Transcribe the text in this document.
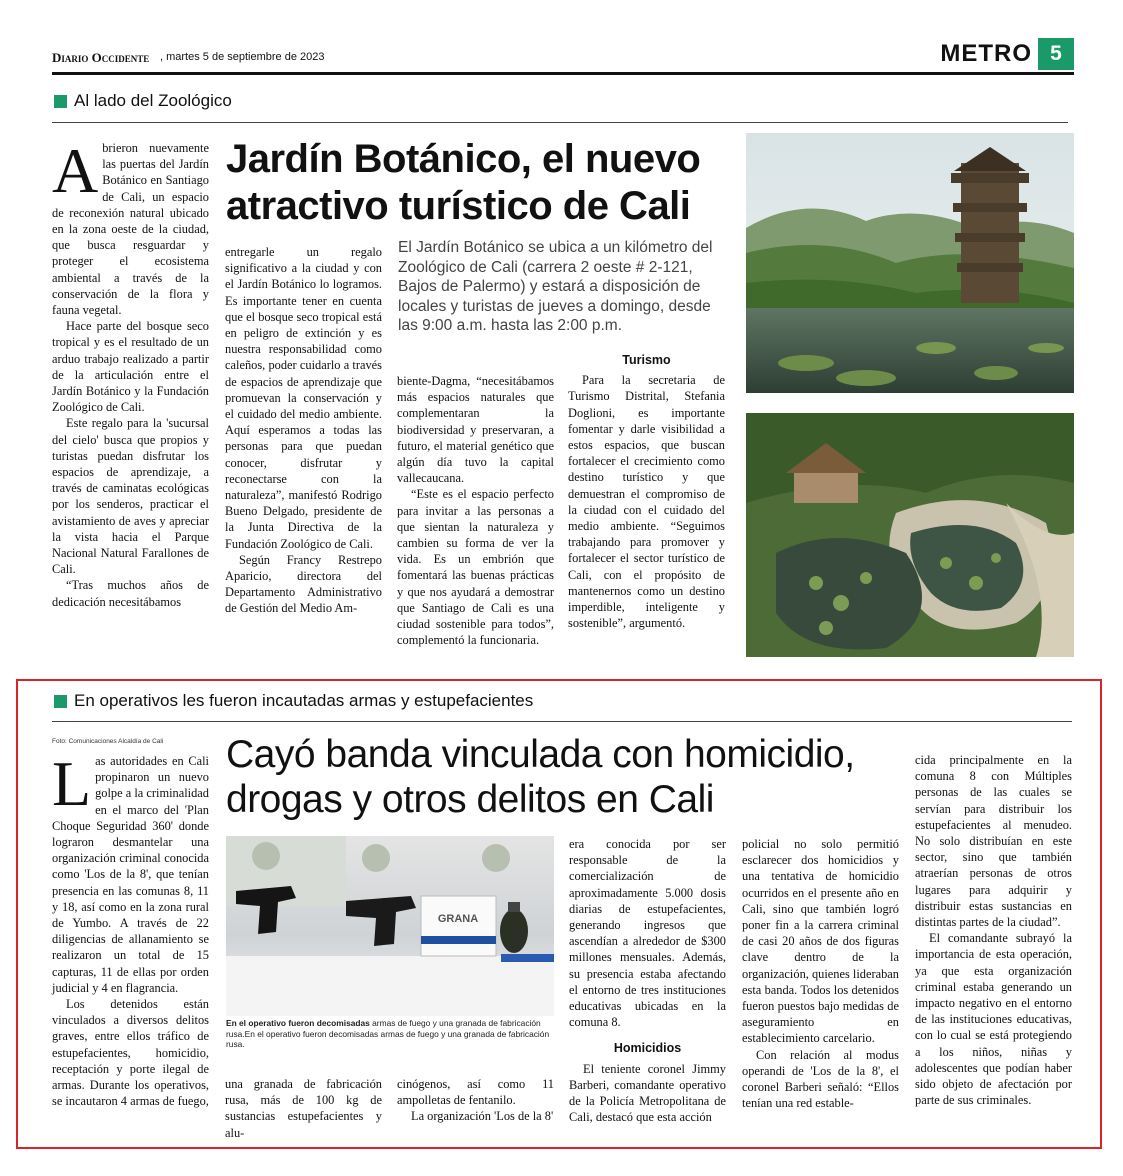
Diario Occidente , martes 5 de septiembre de 2023	METRO 5
Al lado del Zoológico
A brieron nuevamente las puertas del Jardín Botánico en Santiago de Cali, un espacio de reconexión natural ubicado en la zona oeste de la ciudad, que busca resguardar y proteger el ecosistema ambiental a través de la conservación de la flora y fauna vegetal.

Hace parte del bosque seco tropical y es el resultado de un arduo trabajo realizado a partir de la articulación entre el Jardín Botánico y la Fundación Zoológico de Cali.

Este regalo para la 'sucursal del cielo' busca que propios y turistas puedan disfrutar los espacios de aprendizaje, a través de caminatas ecológicas por los senderos, practicar el avistamiento de aves y apreciar la vista hacia el Parque Nacional Natural Farallones de Cali.

“Tras muchos años de dedicación necesitábamos

Jardín Botánico, el nuevo atractivo turístico de Cali
El Jardín Botánico se ubica a un kilómetro del Zoológico de Cali (carrera 2 oeste # 2-121, Bajos de Palermo) y estará a disposición de locales y turistas de jueves a domingo, desde las 9:00 a.m. hasta las 2:00 p.m.

entregarle un regalo significativo a la ciudad y con el Jardín Botánico lo logramos. Es importante tener en cuenta que el bosque seco tropical está en peligro de extinción y es nuestra responsabilidad como caleños, poder cuidarlo a través de espacios de aprendizaje que promuevan la conservación y el cuidado del medio ambiente. Aquí esperamos a todas las personas para que puedan conocer, disfrutar y reconectarse con la naturaleza”, manifestó Rodrigo Bueno Delgado, presidente de la Junta Directiva de la Fundación Zoológico de Cali.

Según Francy Restrepo Aparicio, directora del Departamento Administrativo de Gestión del Medio Am-

biente-Dagma, “necesitábamos más espacios naturales que complementaran la biodiversidad y preservaran, a futuro, el material genético que algún día tuvo la capital vallecaucana.

“Este es el espacio perfecto para invitar a las personas a que sientan la naturaleza y cambien su forma de ver la vida. Es un embrión que fomentará las buenas prácticas y que nos ayudará a demostrar que Santiago de Cali es una ciudad sostenible para todos”, complementó la funcionaria.

Turismo

Para la secretaria de Turismo Distrital, Stefania Doglioni, es importante fomentar y darle visibilidad a estos espacios, que buscan fortalecer el crecimiento como destino turístico y que demuestran el compromiso de la ciudad con el cuidado del medio ambiente. “Seguimos trabajando para promover y fortalecer el sector turístico de Cali, con el propósito de mantenernos como un destino imperdible, inteligente y sostenible”, argumentó.

En operativos les fueron incautadas armas y estupefacientes
Foto: Comunicaciones Alcaldía de Cali
L as autoridades en Cali propinaron un nuevo golpe a la criminalidad en el marco del 'Plan Choque Seguridad 360' donde lograron desmantelar una organización criminal conocida como 'Los de la 8', que tenían presencia en las comunas 8, 11 y 18, así como en la zona rural de Yumbo. A través de 22 diligencias de allanamiento se realizaron un total de 15 capturas, 11 de ellas por orden judicial y 4 en flagrancia.

Los detenidos están vinculados a diversos delitos graves, entre ellos tráfico de estupefacientes, homicidio, receptación y porte ilegal de armas. Durante los operativos, se incautaron 4 armas de fuego,

Cayó banda vinculada con homicidio, drogas y otros delitos en Cali
GRANA
En el operativo fueron decomisadas armas de fuego y una granada de fabricación rusa.En el operativo fueron decomisadas armas de fuego y una granada de fabricación rusa.

una granada de fabricación rusa, más de 100 kg de sustancias estupefacientes y alu-

cinógenos, así como 11 ampolletas de fentanilo.

La organización 'Los de la 8'

era conocida por ser responsable de la comercialización de aproximadamente 5.000 dosis diarias de estupefacientes, generando ingresos que ascendían a alrededor de $300 millones mensuales. Además, su presencia estaba afectando el entorno de tres instituciones educativas ubicadas en la comuna 8.

Homicidios

El teniente coronel Jimmy Barberi, comandante operativo de la Policía Metropolitana de Cali, destacó que esta acción

policial no solo permitió esclarecer dos homicidios y una tentativa de homicidio ocurridos en el presente año en Cali, sino que también logró poner fin a la carrera criminal de casi 20 años de dos figuras clave dentro de la organización, quienes lideraban esta banda. Todos los detenidos fueron puestos bajo medidas de aseguramiento en establecimiento carcelario.

Con relación al modus operandi de 'Los de la 8', el coronel Barberi señaló: “Ellos tenían una red estable-

cida principalmente en la comuna 8 con Múltiples personas de las cuales se servían para distribuir los estupefacientes al menudeo. No solo distribuían en este sector, sino que también atraerían personas de otros lugares para adquirir y distribuir estas sustancias en distintas partes de la ciudad”.

El comandante subrayó la importancia de esta operación, ya que esta organización criminal estaba generando un impacto negativo en el entorno de las instituciones educativas, con lo cual se está protegiendo a los niños, niñas y adolescentes que podían haber sido objeto de afectación por parte de sus criminales.
